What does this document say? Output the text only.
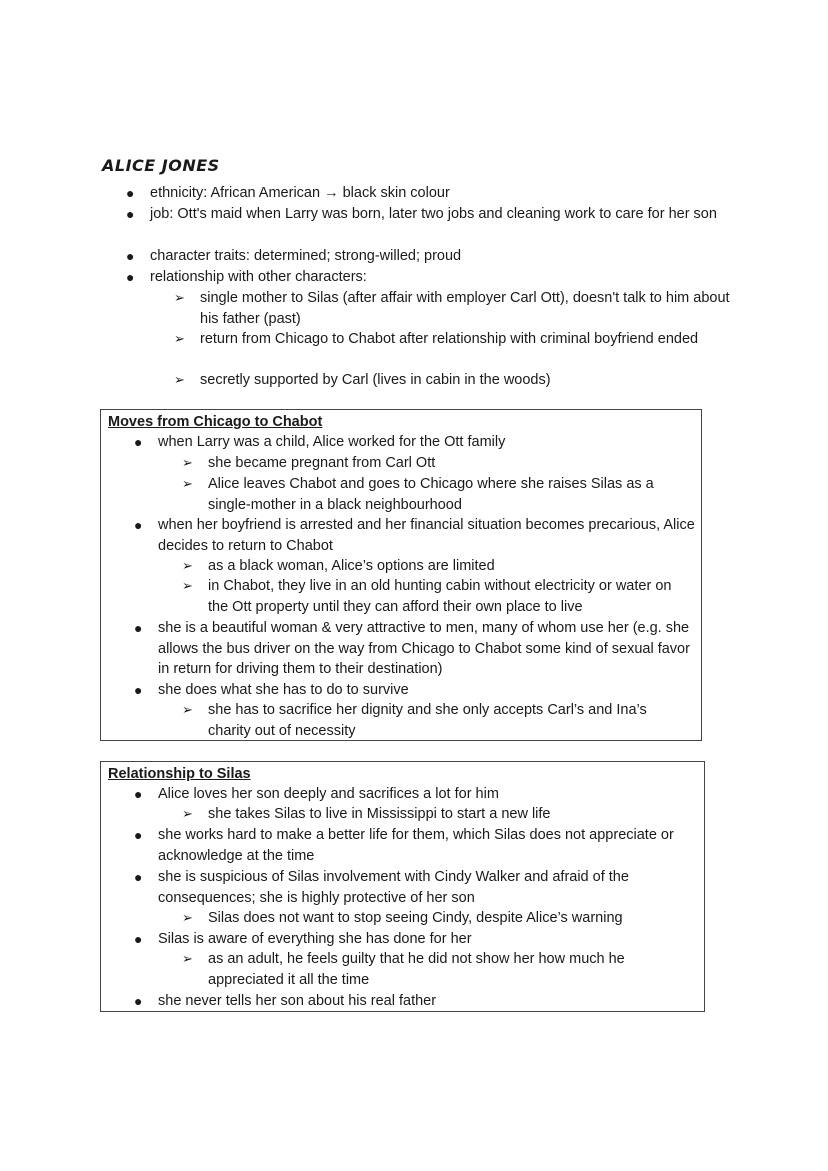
ALICE JONES
● ethnicity: African American → black skin colour
● job: Ott's maid when Larry was born, later two jobs and cleaning work to care for her son
● character traits: determined; strong-willed; proud
● relationship with other characters:
➢ single mother to Silas (after affair with employer Carl Ott), doesn't talk to him about his father (past)
➢ return from Chicago to Chabot after relationship with criminal boyfriend ended
➢ secretly supported by Carl (lives in cabin in the woods)
Moves from Chicago to Chabot
● when Larry was a child, Alice worked for the Ott family
➢ she became pregnant from Carl Ott
➢ Alice leaves Chabot and goes to Chicago where she raises Silas as a single-mother in a black neighbourhood
● when her boyfriend is arrested and her financial situation becomes precarious, Alice decides to return to Chabot
➢ as a black woman, Alice’s options are limited
➢ in Chabot, they live in an old hunting cabin without electricity or water on the Ott property until they can afford their own place to live
● she is a beautiful woman & very attractive to men, many of whom use her (e.g. she allows the bus driver on the way from Chicago to Chabot some kind of sexual favor in return for driving them to their destination)
● she does what she has to do to survive
➢ she has to sacrifice her dignity and she only accepts Carl’s and Ina’s charity out of necessity
Relationship to Silas
● Alice loves her son deeply and sacrifices a lot for him
➢ she takes Silas to live in Mississippi to start a new life
● she works hard to make a better life for them, which Silas does not appreciate or acknowledge at the time
● she is suspicious of Silas involvement with Cindy Walker and afraid of the consequences; she is highly protective of her son
➢ Silas does not want to stop seeing Cindy, despite Alice’s warning
● Silas is aware of everything she has done for her
➢ as an adult, he feels guilty that he did not show her how much he appreciated it all the time
● she never tells her son about his real father
